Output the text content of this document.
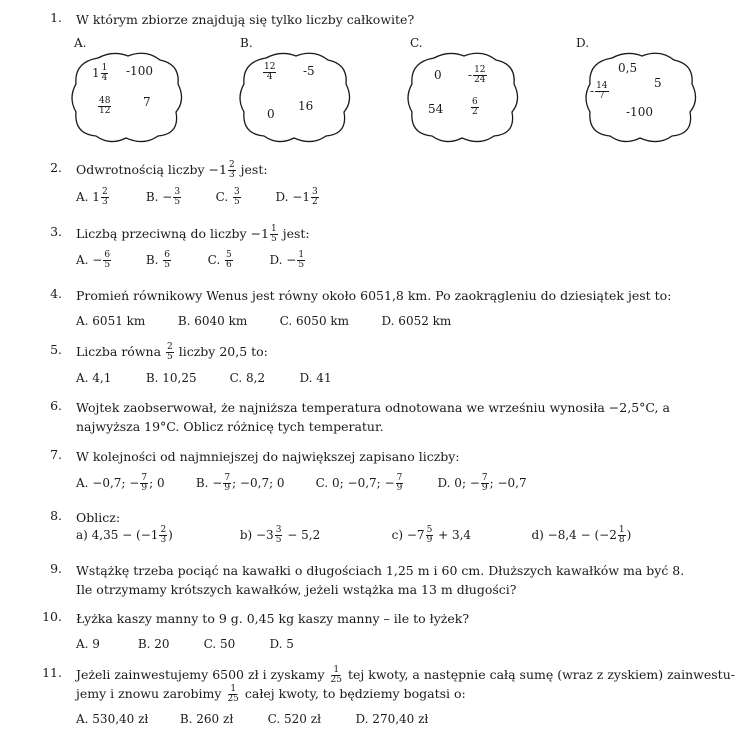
1. W którym zbiorze znajdują się tylko liczby całkowite?
A.
$1 \frac{1}{4} -100$
$\frac{48}{12}$	7
B.
$\frac{12}{4} -5$
0
16
C.
$0 - \frac{12}{24}$
54	$\frac{6}{2}$
D.
0,5
5
- $\frac{14}{7}$
-100
2. Odwrotnością liczby $-1 \frac{2}{3}$ jest:
A. $1 \frac{2}{3}$	B. − $\frac{3}{5}$	C. $\frac{3}{5}$	D. $-1 \frac{3}{2}$
3. Liczbą przeciwną do liczby $-1 \frac{1}{5}$ jest:
A. − $\frac{6}{5}$	B. $\frac{6}{5}$	C. $\frac{5}{6}$	D. − $\frac{1}{5}$
4. Promień równikowy Wenus jest równy około 6051,8 km. Po zaokrągleniu do dziesiątek jest to:
A. 6051 km	B. 6040 km	C. 6050 km	D. 6052 km
5. Liczba równa $\frac{2}{5}$ liczby 20,5 to:
A. 4,1	B. 10,25	C. 8,2	D. 41
6. Wojtek zaobserwował, że najniższa temperatura odnotowana we wrześniu wynosiła −2,5°C, a najwyższa 19°C. Oblicz różnicę tych temperatur.
7. W kolejności od najmniejszej do największej zapisano liczby:
A. −0,7; − $\frac{7}{9}$ ; 0	B. − $\frac{7}{9}$ ; −0,7; 0	C. 0; −0,7; − $\frac{7}{9}$	D. 0; − $\frac{7}{9}$ ; −0,7
8. Oblicz:
a) $4,35 - (-1 \frac{2}{3}$ )	$b) -3 \frac{3}{5} - 5,2$	$c) -7 \frac{5}{9} + 3,4$	$d) -8,4 - (-2 \frac{1}{8}$ )
9. Wstążkę trzeba pociąć na kawałki o długościach 1,25 m i 60 cm. Dłuższych kawałków ma być 8. Ile otrzymamy krótszych kawałków, jeżeli wstążka ma 13 m długości?
10. Łyżka kaszy manny to 9 g. 0,45 kg kaszy manny – ile to łyżek?
A. 9	B. 20	C. 50	D. 5
11. Jeżeli zainwestujemy 6500 zł i zyskamy $\frac{1}{25}$ tej kwoty, a następnie całą sumę (wraz z zyskiem) zainwestu-
jemy i znowu zarobimy $\frac{1}{25}$ całej kwoty, to będziemy bogatsi o:
A. 530,40 zł	B. 260 zł	C. 520 zł	D. 270,40 zł
